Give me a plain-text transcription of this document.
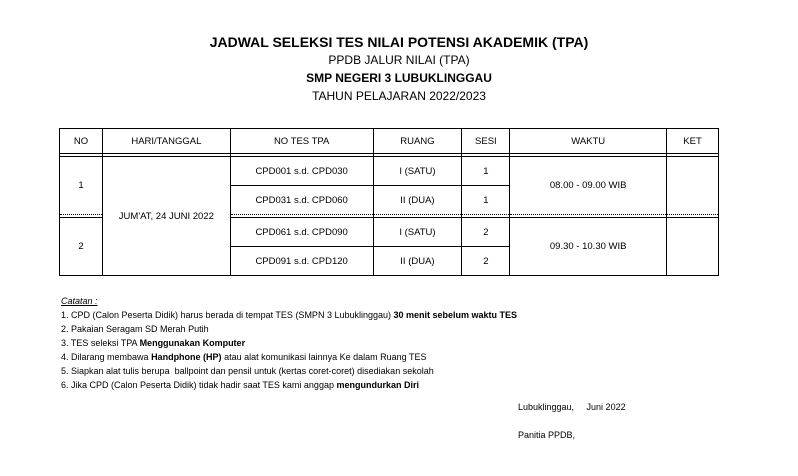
JADWAL SELEKSI TES NILAI POTENSI AKADEMIK (TPA)
PPDB JALUR NILAI (TPA)
SMP NEGERI 3 LUBUKLINGGAU
TAHUN PELAJARAN 2022/2023
NO	HARI/TANGGAL	NO TES TPA	RUANG	SESI	WAKTU	KET

1	JUM'AT, 24 JUNI 2022	CPD001 s.d. CPD030	I (SATU)	1	08.00 - 09.00 WIB	
		CPD031 s.d. CPD060	II (DUA)	1		

2		CPD061 s.d. CPD090	I (SATU)	2	09.30 - 10.30 WIB	
		CPD091 s.d. CPD120	II (DUA)	2		
Catatan :
1. CPD (Calon Peserta Didik) harus berada di tempat TES (SMPN 3 Lubuklinggau) 30 menit sebelum waktu TES
2. Pakaian Seragam SD Merah Putih
3. TES seleksi TPA Menggunakan Komputer
4. Dilarang membawa Handphone (HP) atau alat komunikasi lainnya Ke dalam Ruang TES
5. Siapkan alat tulis berupa  ballpoint dan pensil untuk (kertas coret-coret) disediakan sekolah
6. Jika CPD (Calon Peserta Didik) tidak hadir saat TES kami anggap mengundurkan Diri
Lubuklinggau,     Juni 2022
Panitia PPDB,
